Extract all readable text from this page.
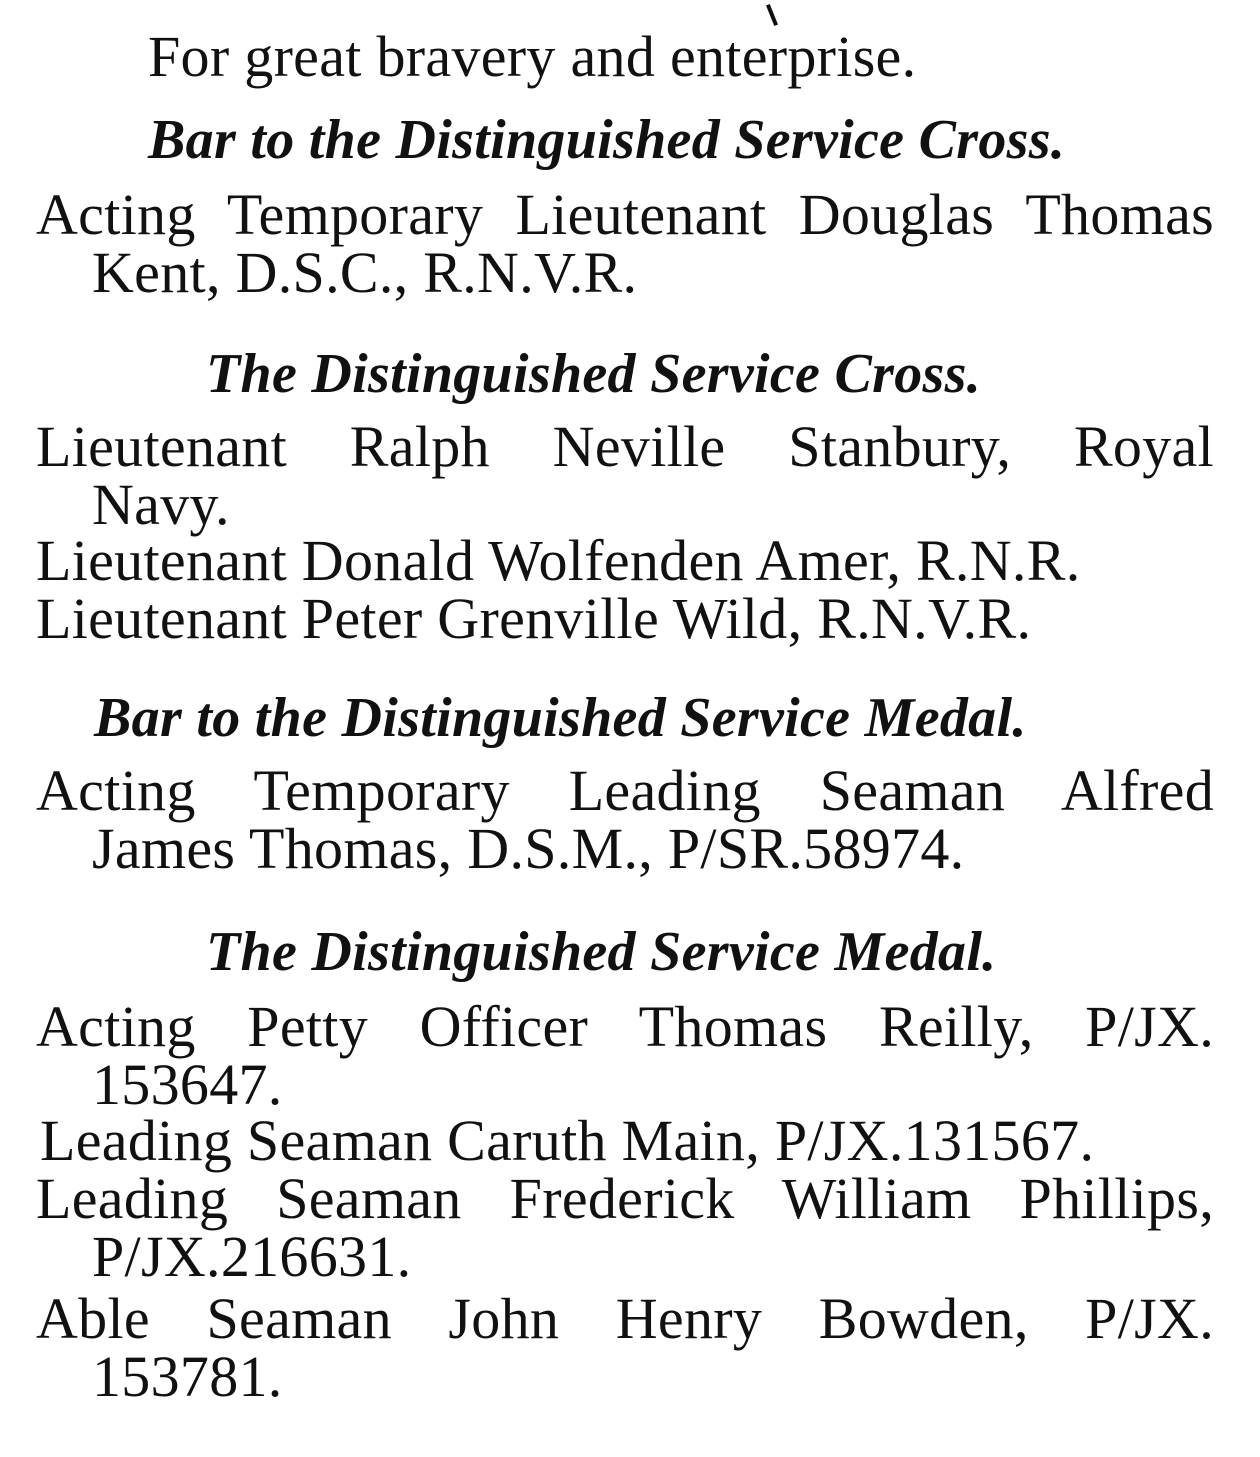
For great bravery and enterprise.
Bar to the Distinguished Service Cross.
Acting Temporary Lieutenant Douglas Thomas
Kent, D.S.C., R.N.V.R.
The Distinguished Service Cross.
Lieutenant Ralph Neville Stanbury, Royal
Navy.
Lieutenant Donald Wolfenden Amer, R.N.R.
Lieutenant Peter Grenville Wild, R.N.V.R.
Bar to the Distinguished Service Medal.
Acting Temporary Leading Seaman Alfred
James Thomas, D.S.M., P/SR.58974.
The Distinguished Service Medal.
Acting Petty Officer Thomas Reilly, P/JX.
153647.
Leading Seaman Caruth Main, P/JX.131567.
Leading Seaman Frederick William Phillips,
P/JX.216631.
Able Seaman John Henry Bowden, P/JX.
153781.
